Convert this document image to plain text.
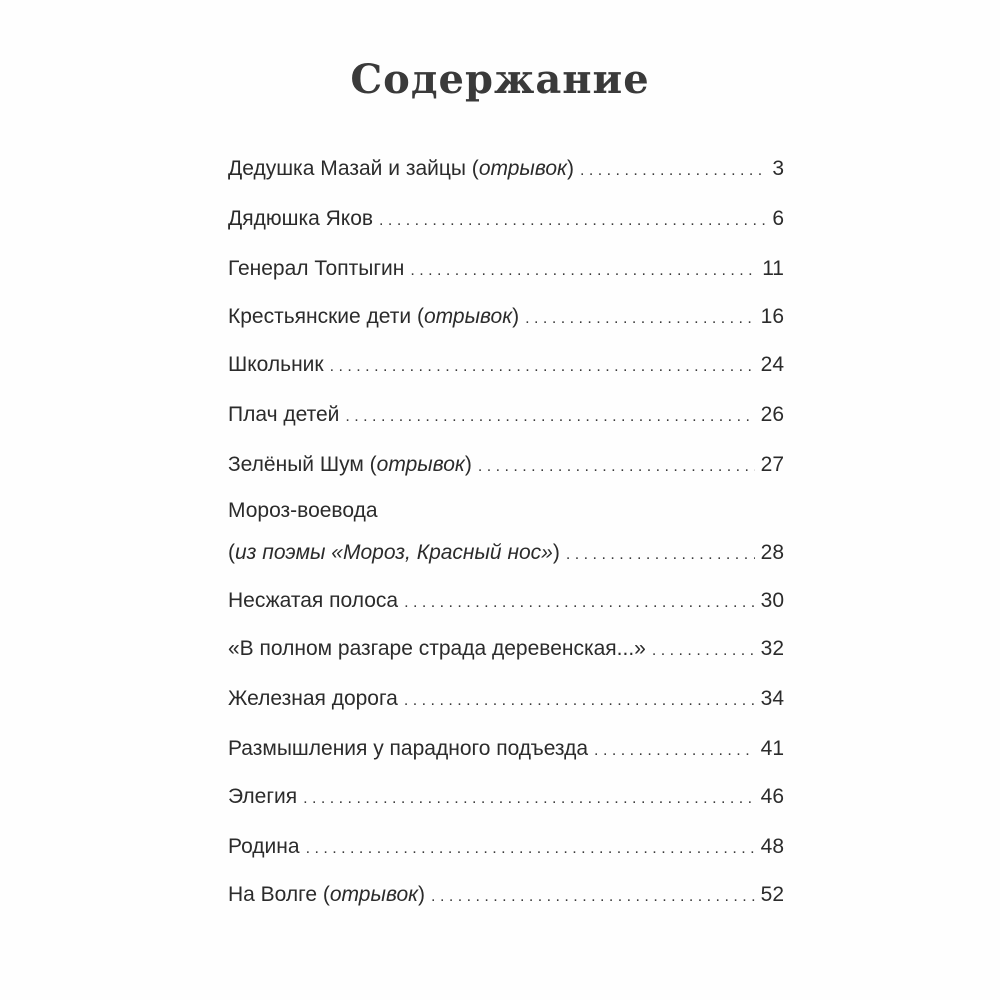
Содержание
Дедушка Мазай и зайцы (отрывок) . . .	3
Дядюшка Яков . . .	6
Генерал Топтыгин . . .	11
Крестьянские дети (отрывок) . . .	16
Школьник . . .	24
Плач детей . . .	26
Зелёный Шум (отрывок) . . .	27
Мороз-воевода
(из поэмы «Мороз, Красный нос») . . .	28
Несжатая полоса . . .	30
«В полном разгаре страда деревенская...» . . .	32
Железная дорога . . .	34
Размышления у парадного подъезда . . .	41
Элегия . . .	46
Родина . . .	48
На Волге (отрывок) . . .	52
